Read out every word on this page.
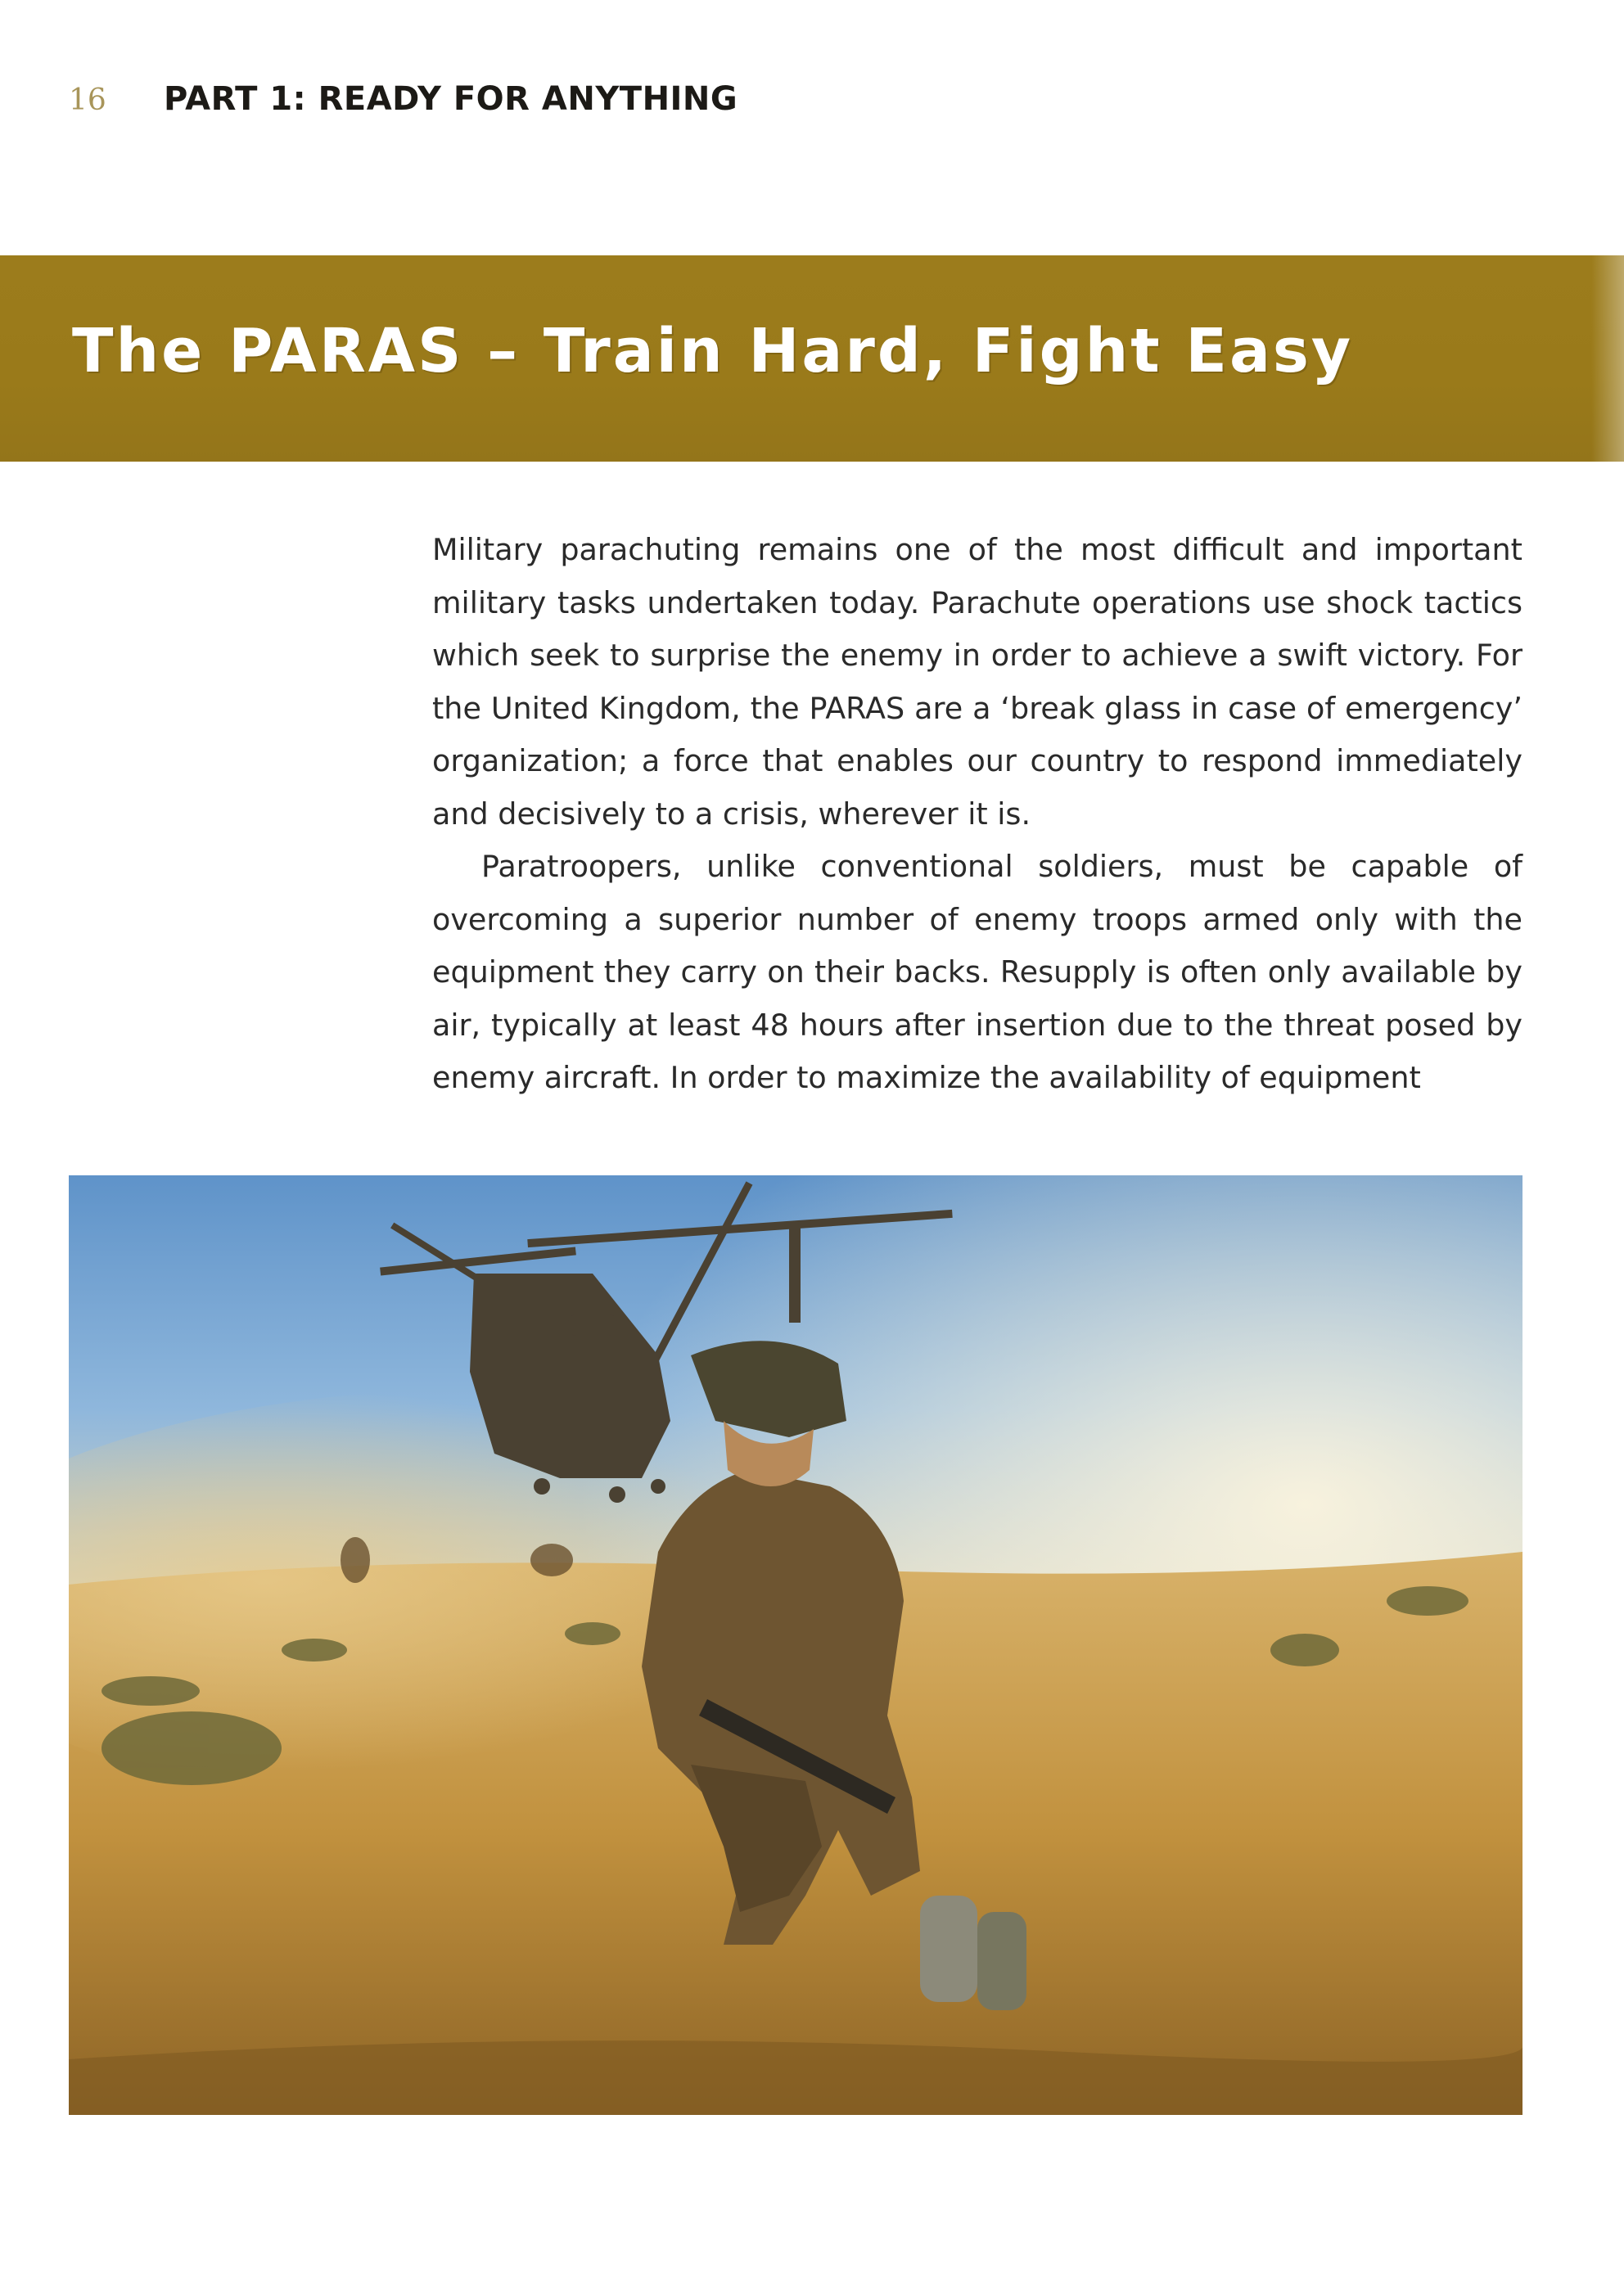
16	PART 1: READY FOR ANYTHING
The PARAS – Train Hard, Fight Easy

Military parachuting remains one of the most difficult and important military tasks undertaken today. Parachute operations use shock tactics which seek to surprise the enemy in order to achieve a swift victory. For the United Kingdom, the PARAS are a ‘break glass in case of emergency’ organization; a force that enables our country to respond immediately and decisively to a crisis, wherever it is.

Paratroopers, unlike conventional soldiers, must be capable of overcoming a superior number of enemy troops armed only with the equipment they carry on their backs. Resupply is often only available by air, typically at least 48 hours after insertion due to the threat posed by enemy aircraft. In order to maximize the availability of equipment
